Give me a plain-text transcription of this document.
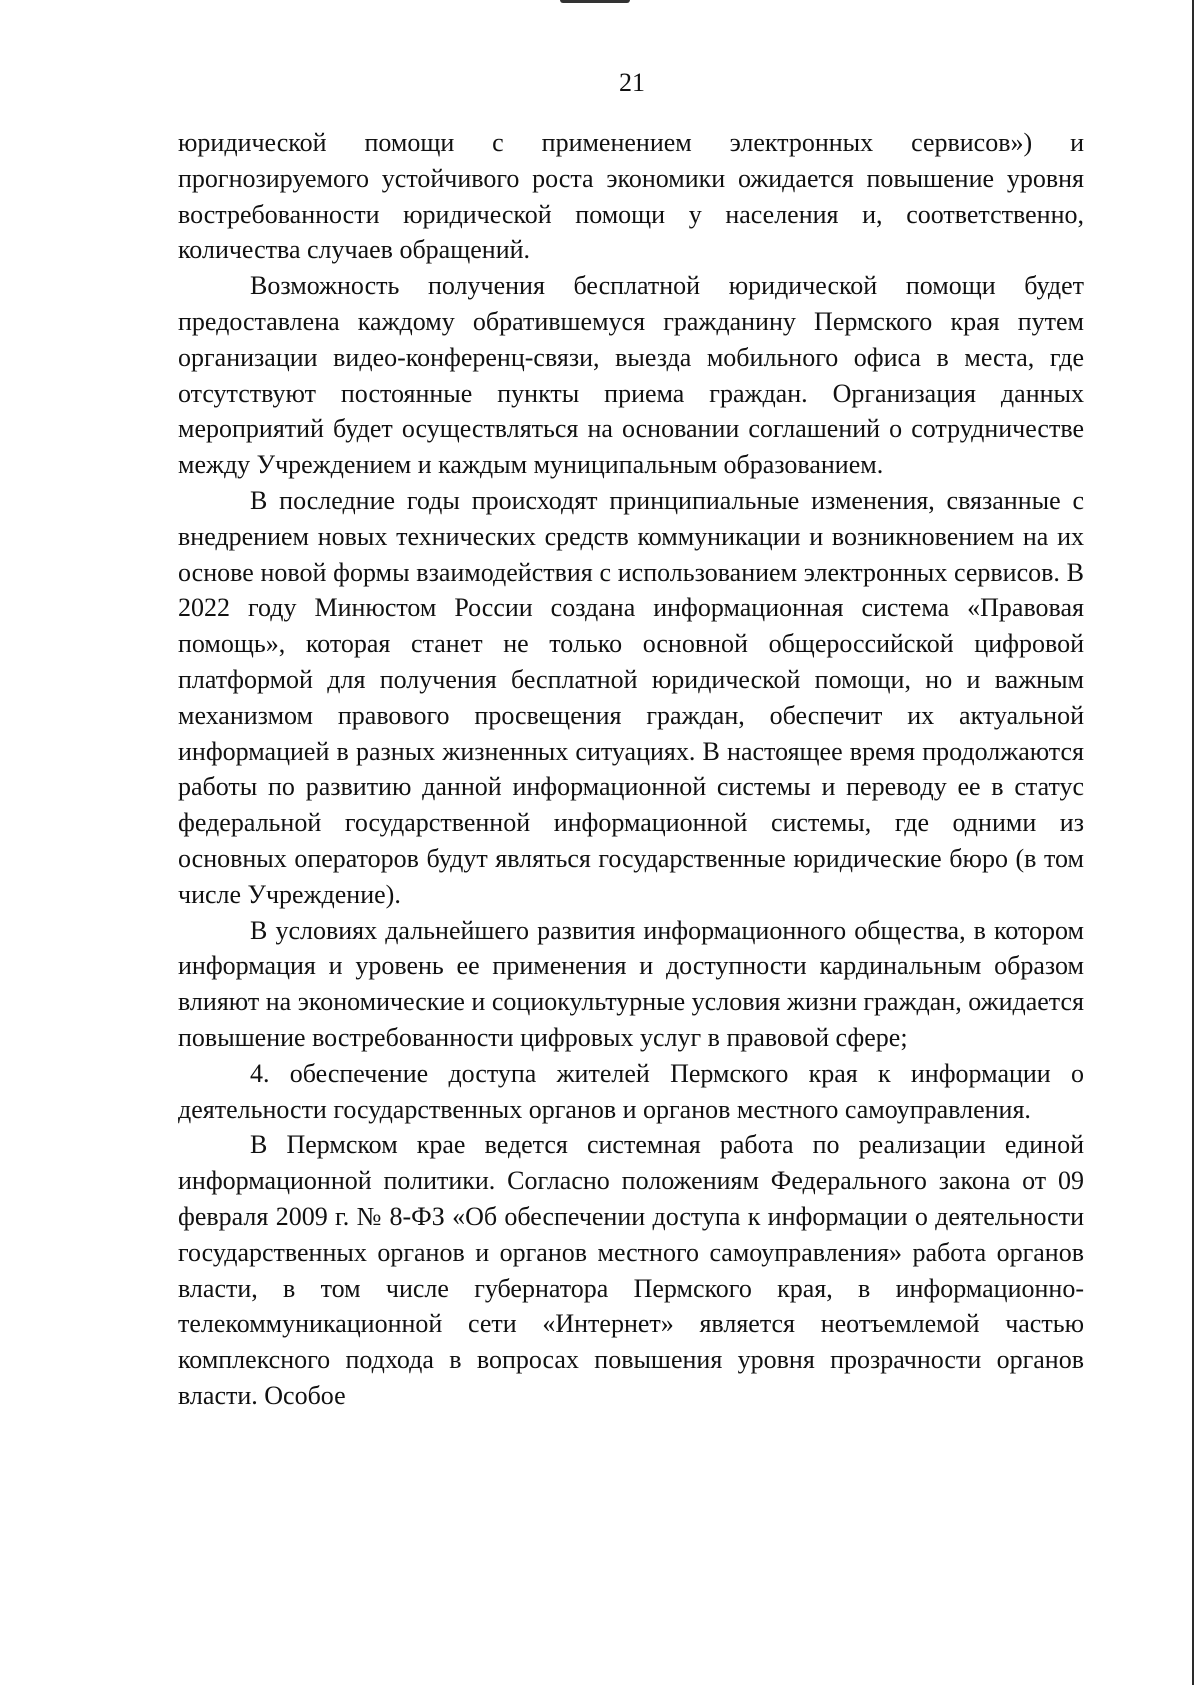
21

юридической помощи с применением электронных сервисов») и прогнозируемого устойчивого роста экономики ожидается повышение уровня востребованности юридической помощи у населения и, соответственно, количества случаев обращений.

Возможность получения бесплатной юридической помощи будет предоставлена каждому обратившемуся гражданину Пермского края путем организации видео-конференц-связи, выезда мобильного офиса в места, где отсутствуют постоянные пункты приема граждан. Организация данных мероприятий будет осуществляться на основании соглашений о сотрудничестве между Учреждением и каждым муниципальным образованием.

В последние годы происходят принципиальные изменения, связанные с внедрением новых технических средств коммуникации и возникновением на их основе новой формы взаимодействия с использованием электронных сервисов. В 2022 году Минюстом России создана информационная система «Правовая помощь», которая станет не только основной общероссийской цифровой платформой для получения бесплатной юридической помощи, но и важным механизмом правового просвещения граждан, обеспечит их актуальной информацией в разных жизненных ситуациях. В настоящее время продолжаются работы по развитию данной информационной системы и переводу ее в статус федеральной государственной информационной системы, где одними из основных операторов будут являться государственные юридические бюро (в том числе Учреждение).

В условиях дальнейшего развития информационного общества, в котором информация и уровень ее применения и доступности кардинальным образом влияют на экономические и социокультурные условия жизни граждан, ожидается повышение востребованности цифровых услуг в правовой сфере;

4. обеспечение доступа жителей Пермского края к информации о деятельности государственных органов и органов местного самоуправления.

В Пермском крае ведется системная работа по реализации единой информационной политики. Согласно положениям Федерального закона от 09 февраля 2009 г. № 8-ФЗ «Об обеспечении доступа к информации о деятельности государственных органов и органов местного самоуправления» работа органов власти, в том числе губернатора Пермского края, в информационно-телекоммуникационной сети «Интернет» является неотъемлемой частью комплексного подхода в вопросах повышения уровня прозрачности органов власти. Особое
